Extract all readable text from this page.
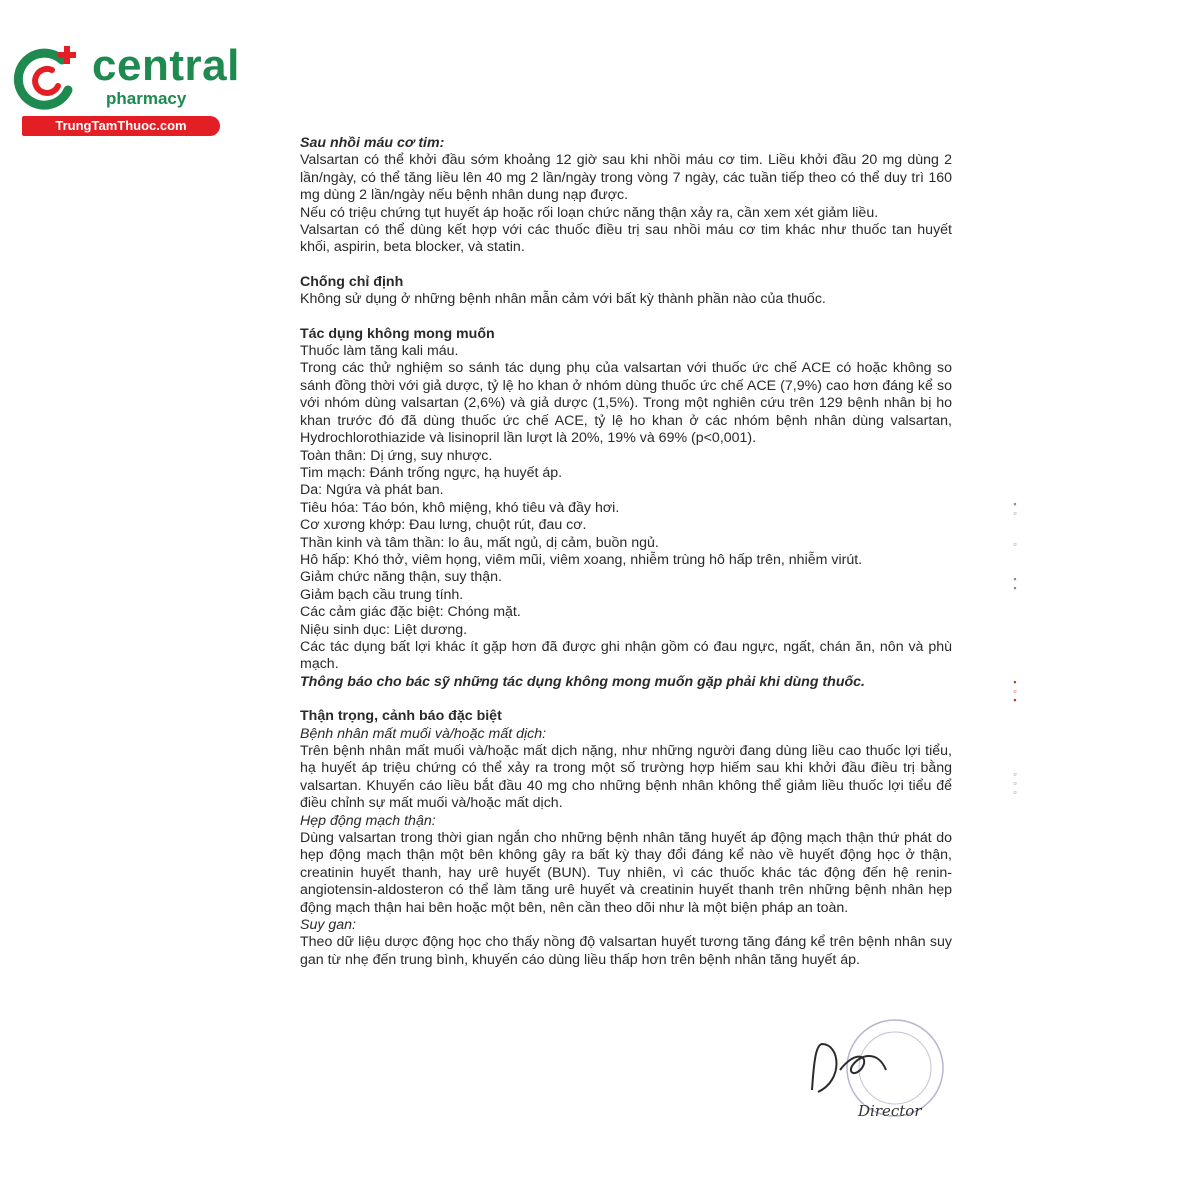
central
pharmacy
TrungTamThuoc.com

Sau nhồi máu cơ tim:

Valsartan có thể khởi đầu sớm khoảng 12 giờ sau khi nhồi máu cơ tim. Liều khởi đầu 20 mg dùng 2 lần/ngày, có thể tăng liều lên 40 mg 2 lần/ngày trong vòng 7 ngày, các tuần tiếp theo có thể duy trì 160 mg dùng 2 lần/ngày nếu bệnh nhân dung nạp được.

Nếu có triệu chứng tụt huyết áp hoặc rối loạn chức năng thận xảy ra, cần xem xét giảm liều.

Valsartan có thể dùng kết hợp với các thuốc điều trị sau nhồi máu cơ tim khác như thuốc tan huyết khối, aspirin, beta blocker, và statin.

Chống chỉ định

Không sử dụng ở những bệnh nhân mẫn cảm với bất kỳ thành phần nào của thuốc.

Tác dụng không mong muốn

Thuốc làm tăng kali máu.

Trong các thử nghiệm so sánh tác dụng phụ của valsartan với thuốc ức chế ACE có hoặc không so sánh đồng thời với giả dược, tỷ lệ ho khan ở nhóm dùng thuốc ức chế ACE (7,9%) cao hơn đáng kể so với nhóm dùng valsartan (2,6%) và giả dược (1,5%). Trong một nghiên cứu trên 129 bệnh nhân bị ho khan trước đó đã dùng thuốc ức chế ACE, tỷ lệ ho khan ở các nhóm bệnh nhân dùng valsartan, Hydrochlorothiazide và lisinopril lần lượt là 20%, 19% và 69% (p<0,001).

Toàn thân: Dị ứng, suy nhược.

Tim mạch: Đánh trống ngực, hạ huyết áp.

Da: Ngứa và phát ban.

Tiêu hóa: Táo bón, khô miệng, khó tiêu và đầy hơi.

Cơ xương khớp: Đau lưng, chuột rút, đau cơ.

Thần kinh và tâm thần: lo âu, mất ngủ, dị cảm, buồn ngủ.

Hô hấp: Khó thở, viêm họng, viêm mũi, viêm xoang, nhiễm trùng hô hấp trên, nhiễm virút.

Giảm chức năng thận, suy thận.

Giảm bạch cầu trung tính.

Các cảm giác đặc biệt: Chóng mặt.

Niệu sinh dục: Liệt dương.

Các tác dụng bất lợi khác ít gặp hơn đã được ghi nhận gồm có đau ngực, ngất, chán ăn, nôn và phù mạch.

Thông báo cho bác sỹ những tác dụng không mong muốn gặp phải khi dùng thuốc.

Thận trọng, cảnh báo đặc biệt

Bệnh nhân mất muối và/hoặc mất dịch:

Trên bệnh nhân mất muối và/hoặc mất dịch nặng, như những người đang dùng liều cao thuốc lợi tiểu, hạ huyết áp triệu chứng có thể xảy ra trong một số trường hợp hiếm sau khi khởi đầu điều trị bằng valsartan. Khuyến cáo liều bắt đầu 40 mg cho những bệnh nhân không thể giảm liều thuốc lợi tiểu để điều chỉnh sự mất muối và/hoặc mất dịch.

Hẹp động mạch thận:

Dùng valsartan trong thời gian ngắn cho những bệnh nhân tăng huyết áp động mạch thận thứ phát do hẹp động mạch thận một bên không gây ra bất kỳ thay đổi đáng kể nào về huyết động học ở thận, creatinin huyết thanh, hay urê huyết (BUN). Tuy nhiên, vì các thuốc khác tác động đến hệ renin-angiotensin-aldosteron có thể làm tăng urê huyết và creatinin huyết thanh trên những bệnh nhân hẹp động mạch thận hai bên hoặc một bên, nên cần theo dõi như là một biện pháp an toàn.

Suy gan:

Theo dữ liệu dược động học cho thấy nồng độ valsartan huyết tương tăng đáng kể trên bệnh nhân suy gan từ nhẹ đến trung bình, khuyến cáo dùng liều thấp hơn trên bệnh nhân tăng huyết áp.

▪
▫
▫
▪
▪
▪
▫
▪
▫
▫
▫
Director
